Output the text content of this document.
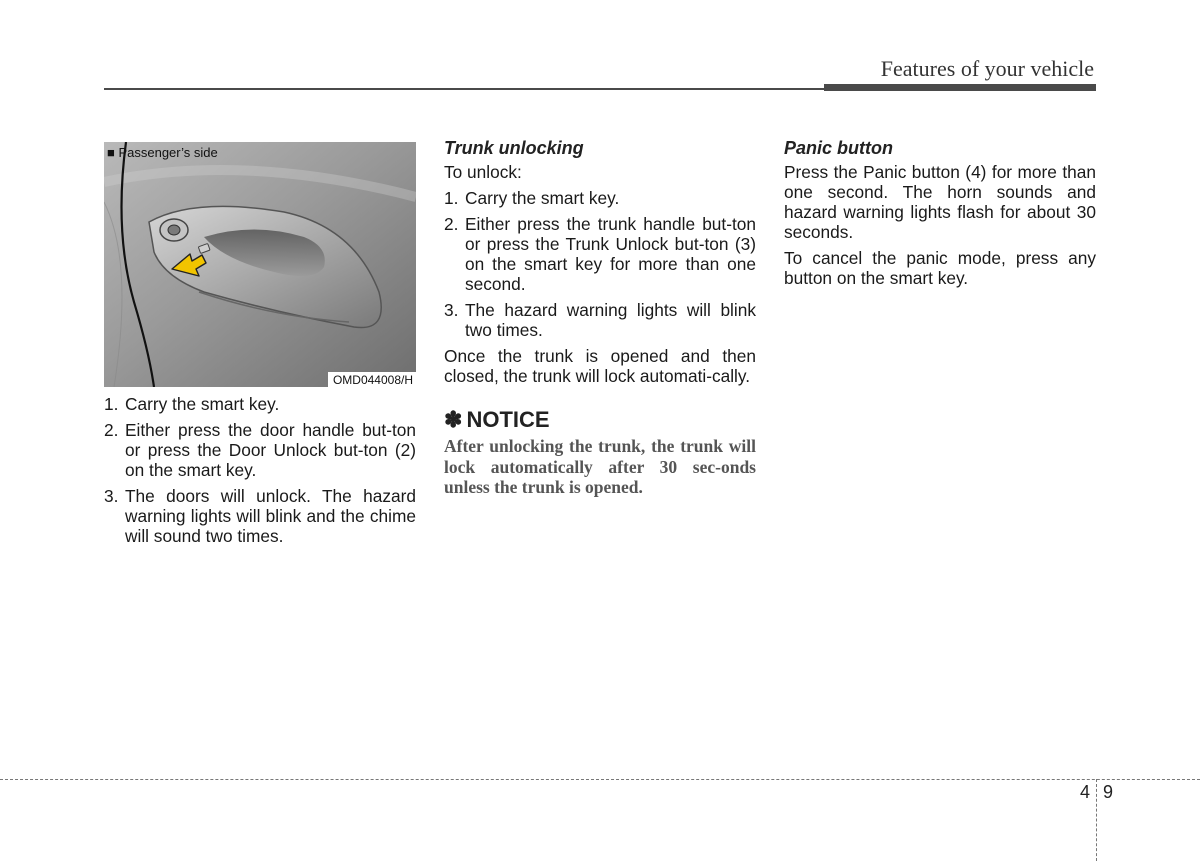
Features of your vehicle
■ Passenger’s side
OMD044008/H
1. Carry the smart key.
2. Either press the door handle but-ton or press the Door Unlock but-ton (2) on the smart key.
3. The doors will unlock. The hazard warning lights will blink and the chime will sound two times.
Trunk unlocking

To unlock:

1. Carry the smart key.
2. Either press the trunk handle but-ton or press the Trunk Unlock but-ton (3) on the smart key for more than one second.
3. The hazard warning lights will blink two times.

Once the trunk is opened and then closed, the trunk will lock automati-cally.

✽ NOTICE
After unlocking the trunk, the trunk will lock automatically after 30 sec-onds unless the trunk is opened.
Panic button

Press the Panic button (4) for more than one second. The horn sounds and hazard warning lights flash for about 30 seconds.

To cancel the panic mode, press any button on the smart key.

4 9
